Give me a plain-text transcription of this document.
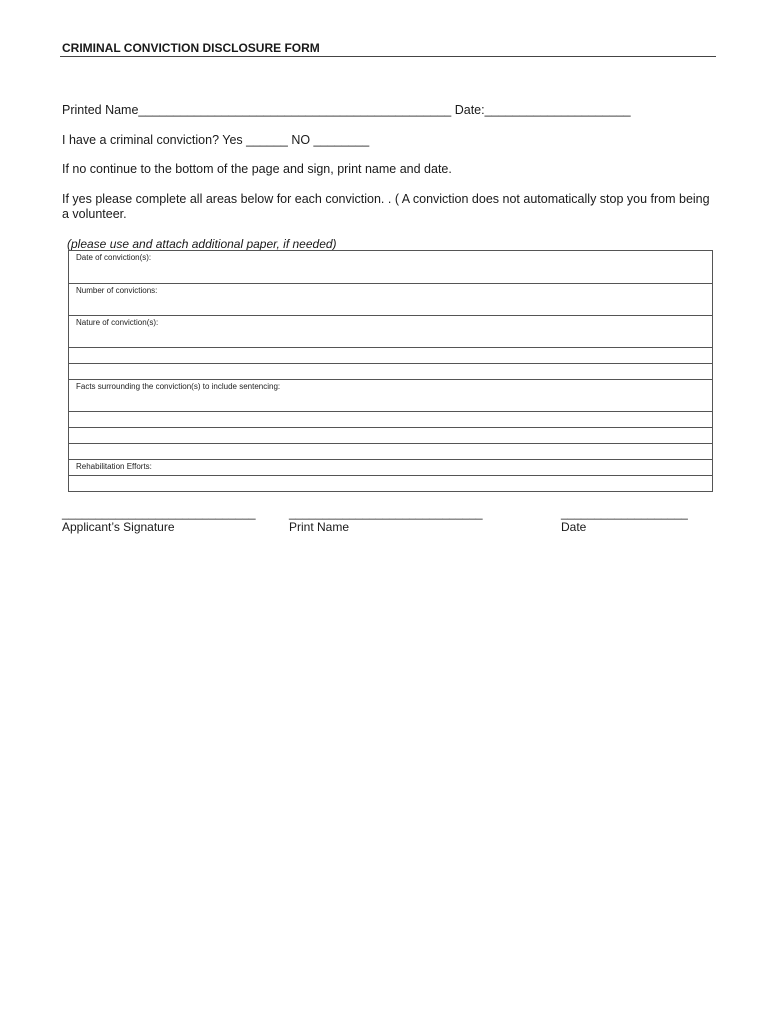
CRIMINAL CONVICTION DISCLOSURE FORM
Printed Name_____________________________________________ Date:_____________________
I have a criminal conviction? Yes ______ NO ________
If no continue to the bottom of the page and sign, print name and date.
If yes please complete all areas below for each conviction. . ( A conviction does not automatically stop you from being a volunteer.
(please use and attach additional paper, if needed)
Date of conviction(s):
Number of convictions:
Nature of conviction(s):
Facts surrounding the conviction(s) to include sentencing:
Rehabilitation Efforts:
_____________________________
Applicant’s Signature
_____________________________
Print Name
___________________
Date
